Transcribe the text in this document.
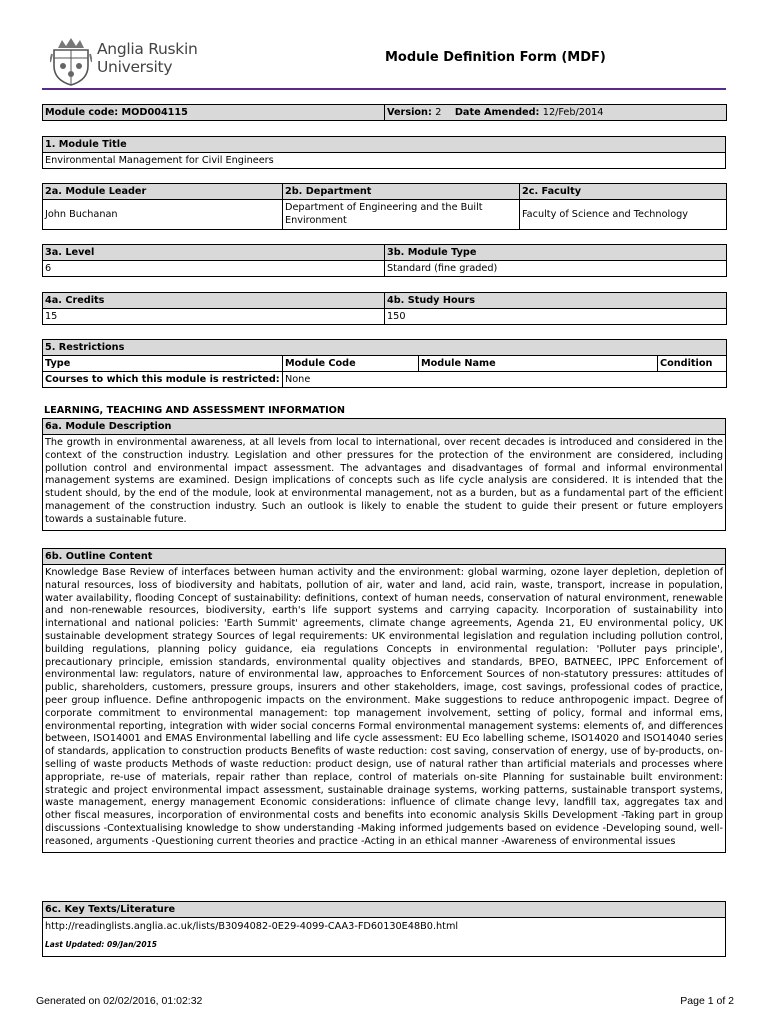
Anglia Ruskin
University
Module Definition Form (MDF)
Module code: MOD004115	Version: 2 Date Amended: 12/Feb/2014
1. Module Title
Environmental Management for Civil Engineers
2a. Module Leader	2b. Department	2c. Faculty
John Buchanan	Department of Engineering and the Built Environment	Faculty of Science and Technology
3a. Level	3b. Module Type
6	Standard (fine graded)
4a. Credits	4b. Study Hours
15	150
5. Restrictions			
Type	Module Code	Module Name	Condition
Courses to which this module is restricted:	None		
LEARNING, TEACHING AND ASSESSMENT INFORMATION
6a. Module Description
The growth in environmental awareness, at all levels from local to international, over recent decades is introduced and considered in the context of the construction industry. Legislation and other pressures for the protection of the environment are considered, including pollution control and environmental impact assessment. The advantages and disadvantages of formal and informal environmental management systems are examined. Design implications of concepts such as life cycle analysis are considered. It is intended that the student should, by the end of the module, look at environmental management, not as a burden, but as a fundamental part of the efficient management of the construction industry. Such an outlook is likely to enable the student to guide their present or future employers towards a sustainable future.
6b. Outline Content
Knowledge Base Review of interfaces between human activity and the environment: global warming, ozone layer depletion, depletion of natural resources, loss of biodiversity and habitats, pollution of air, water and land, acid rain, waste, transport, increase in population, water availability, flooding Concept of sustainability: definitions, context of human needs, conservation of natural environment, renewable and non-renewable resources, biodiversity, earth's life support systems and carrying capacity. Incorporation of sustainability into international and national policies: 'Earth Summit' agreements, climate change agreements, Agenda 21, EU environmental policy, UK sustainable development strategy Sources of legal requirements: UK environmental legislation and regulation including pollution control, building regulations, planning policy guidance, eia regulations Concepts in environmental regulation: 'Polluter pays principle', precautionary principle, emission standards, environmental quality objectives and standards, BPEO, BATNEEC, IPPC Enforcement of environmental law: regulators, nature of environmental law, approaches to Enforcement Sources of non-statutory pressures: attitudes of public, shareholders, customers, pressure groups, insurers and other stakeholders, image, cost savings, professional codes of practice, peer group influence. Define anthropogenic impacts on the environment. Make suggestions to reduce anthropogenic impact. Degree of corporate commitment to environmental management: top management involvement, setting of policy, formal and informal ems, environmental reporting, integration with wider social concerns Formal environmental management systems: elements of, and differences between, ISO14001 and EMAS Environmental labelling and life cycle assessment: EU Eco labelling scheme, ISO14020 and ISO14040 series of standards, application to construction products Benefits of waste reduction: cost saving, conservation of energy, use of by-products, on-selling of waste products Methods of waste reduction: product design, use of natural rather than artificial materials and processes where appropriate, re-use of materials, repair rather than replace, control of materials on-site Planning for sustainable built environment: strategic and project environmental impact assessment, sustainable drainage systems, working patterns, sustainable transport systems, waste management, energy management Economic considerations: influence of climate change levy, landfill tax, aggregates tax and other fiscal measures, incorporation of environmental costs and benefits into economic analysis Skills Development -Taking part in group discussions -Contextualising knowledge to show understanding -Making informed judgements based on evidence -Developing sound, well-reasoned, arguments -Questioning current theories and practice -Acting in an ethical manner -Awareness of environmental issues
6c. Key Texts/Literature

http://readinglists.anglia.ac.uk/lists/B3094082-0E29-4099-CAA3-FD60130E48B0.html
Last Updated: 09/Jan/2015
Generated on 02/02/2016, 01:02:32	Page 1 of 2
